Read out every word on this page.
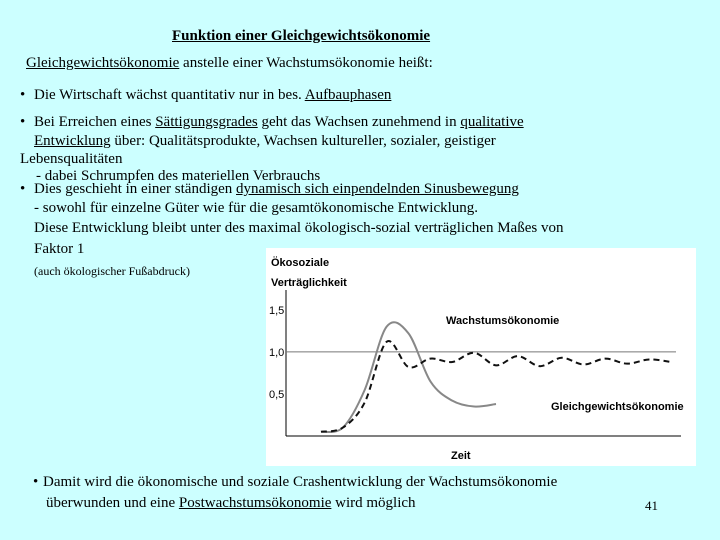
Funktion einer Gleichgewichtsökonomie
Gleichgewichtsökonomie anstelle einer Wachstumsökonomie heißt:
• Die Wirtschaft wächst quantitativ nur in bes. Aufbauphasen
• Bei Erreichen eines Sättigungsgrades geht das Wachsen zunehmend in qualitative
Entwicklung über: Qualitätsprodukte, Wachsen kultureller, sozialer, geistiger
Lebensqualitäten
- dabei Schrumpfen des materiellen Verbrauchs
• Dies geschieht in einer ständigen dynamisch sich einpendelnden Sinusbewegung
- sowohl für einzelne Güter wie für die gesamtökonomische Entwicklung.
Diese Entwicklung bleibt unter des maximal ökologisch-sozial verträglichen Maßes von
Faktor 1
(auch ökologischer Fußabdruck)
Ökosoziale
Verträglichkeit
Zeit
1,5
1,0
0,5
Wachstumsökonomie
Gleichgewichtsökonomie
• Damit wird die ökonomische und soziale Crashentwicklung der Wachstumsökonomie
überwunden und eine Postwachstumsökonomie wird möglich	41
